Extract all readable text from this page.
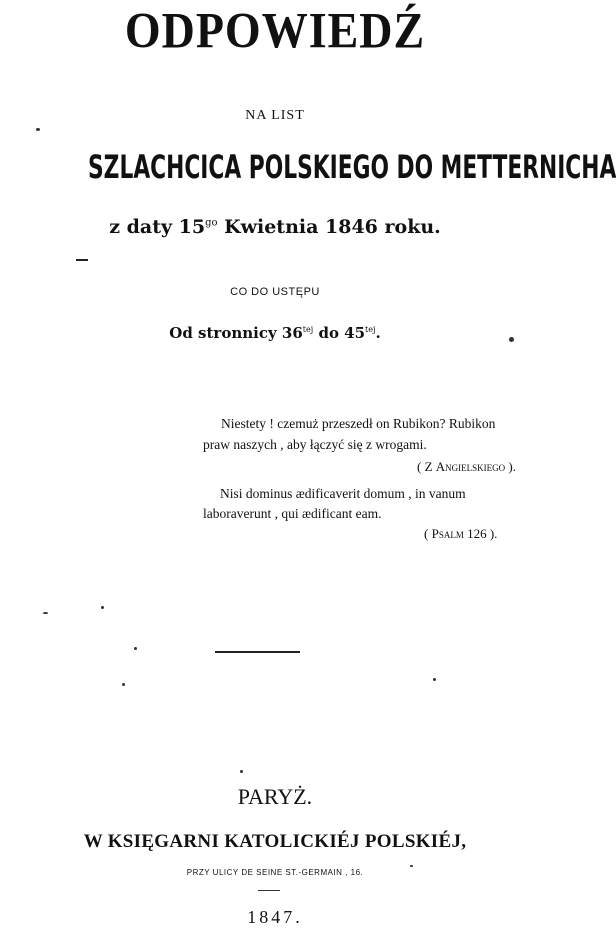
ODPOWIEDŹ
NA LIST
SZLACHCICA POLSKIEGO DO METTERNICHA
z daty $15^{go}$ Kwietnia 1846 roku.
CO DO USTĘPU
Od stronnicy $36^{tej}$ do $45^{tej}$.
Niestety ! czemuż przeszedł on Rubikon? Rubikon
praw naszych , aby łączyć się z wrogami.
( Z Angielskiego ).
Nisi dominus ædificaverit domum , in vanum
laboraverunt , qui ædificant eam.
( Psalm 126 ).
PARYŻ.
W KSIĘGARNI KATOLICKIÉJ POLSKIÉJ,
PRZY ULICY DE SEINE ST.-GERMAIN , 16.
1847.
